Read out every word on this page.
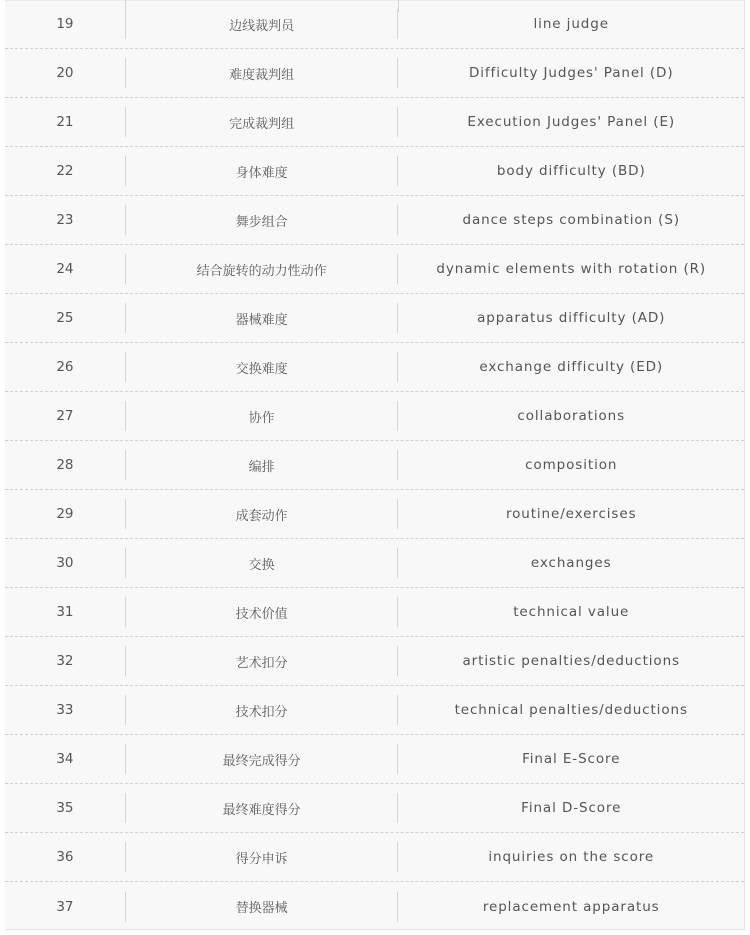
19	边线裁判员	line judge
20	难度裁判组	Difficulty Judges' Panel (D)
21	完成裁判组	Execution Judges' Panel (E)
22	身体难度	body difficulty (BD)
23	舞步组合	dance steps combination (S)
24	结合旋转的动力性动作	dynamic elements with rotation (R)
25	器械难度	apparatus difficulty (AD)
26	交换难度	exchange difficulty (ED)
27	协作	collaborations
28	编排	composition
29	成套动作	routine/exercises
30	交换	exchanges
31	技术价值	technical value
32	艺术扣分	artistic penalties/deductions
33	技术扣分	technical penalties/deductions
34	最终完成得分	Final E-Score
35	最终难度得分	Final D-Score
36	得分申诉	inquiries on the score
37	替换器械	replacement apparatus
